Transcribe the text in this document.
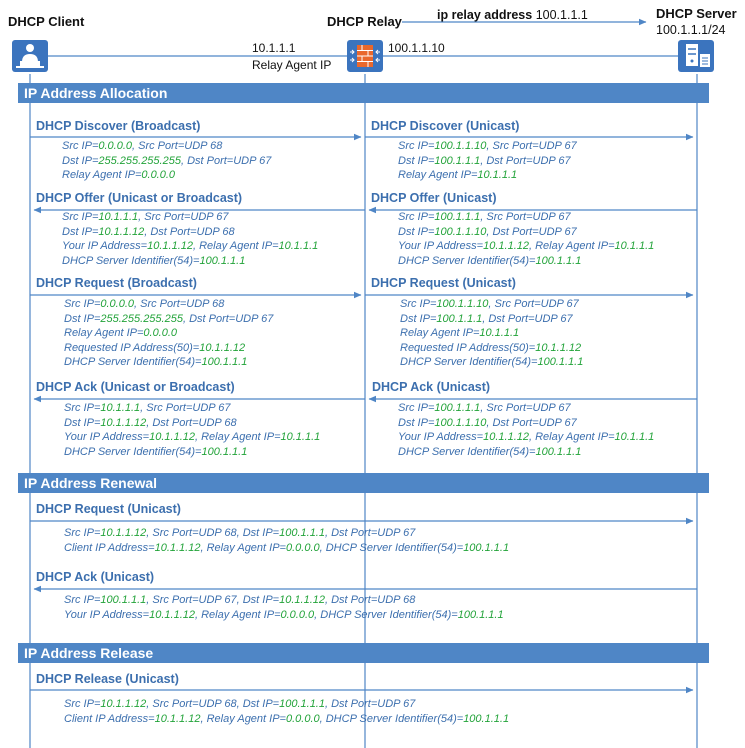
DHCP Client	DHCP Relay
DHCP Server
100.1.1.1/24
ip relay address 100.1.1.1
10.1.1.1
Relay Agent IP
100.1.1.10
IP Address Allocation
IP Address Renewal
IP Address Release
DHCP Discover (Broadcast)
Src IP=0.0.0.0, Src Port=UDP 68
Dst IP=255.255.255.255, Dst Port=UDP 67
Relay Agent IP=0.0.0.0
DHCP Discover (Unicast)
Src IP=100.1.1.10, Src Port=UDP 67
Dst IP=100.1.1.1, Dst Port=UDP 67
Relay Agent IP=10.1.1.1
DHCP Offer (Unicast or Broadcast)
Src IP=10.1.1.1, Src Port=UDP 67
Dst IP=10.1.1.12, Dst Port=UDP 68
Your IP Address=10.1.1.12, Relay Agent IP=10.1.1.1
DHCP Server Identifier(54)=100.1.1.1
DHCP Offer (Unicast)
Src IP=100.1.1.1, Src Port=UDP 67
Dst IP=100.1.1.10, Dst Port=UDP 67
Your IP Address=10.1.1.12, Relay Agent IP=10.1.1.1
DHCP Server Identifier(54)=100.1.1.1
DHCP Request (Broadcast)
Src IP=0.0.0.0, Src Port=UDP 68
Dst IP=255.255.255.255, Dst Port=UDP 67
Relay Agent IP=0.0.0.0
Requested IP Address(50)=10.1.1.12
DHCP Server Identifier(54)=100.1.1.1
DHCP Request (Unicast)
Src IP=100.1.1.10, Src Port=UDP 67
Dst IP=100.1.1.1, Dst Port=UDP 67
Relay Agent IP=10.1.1.1
Requested IP Address(50)=10.1.1.12
DHCP Server Identifier(54)=100.1.1.1
DHCP Ack (Unicast or Broadcast)
Src IP=10.1.1.1, Src Port=UDP 67
Dst IP=10.1.1.12, Dst Port=UDP 68
Your IP Address=10.1.1.12, Relay Agent IP=10.1.1.1
DHCP Server Identifier(54)=100.1.1.1
DHCP Ack (Unicast)
Src IP=100.1.1.1, Src Port=UDP 67
Dst IP=100.1.1.10, Dst Port=UDP 67
Your IP Address=10.1.1.12, Relay Agent IP=10.1.1.1
DHCP Server Identifier(54)=100.1.1.1
DHCP Request (Unicast)
Src IP=10.1.1.12, Src Port=UDP 68, Dst IP=100.1.1.1, Dst Port=UDP 67
Client IP Address=10.1.1.12, Relay Agent IP=0.0.0.0, DHCP Server Identifier(54)=100.1.1.1
DHCP Ack (Unicast)
Src IP=100.1.1.1, Src Port=UDP 67, Dst IP=10.1.1.12, Dst Port=UDP 68
Your IP Address=10.1.1.12, Relay Agent IP=0.0.0.0, DHCP Server Identifier(54)=100.1.1.1
DHCP Release (Unicast)
Src IP=10.1.1.12, Src Port=UDP 68, Dst IP=100.1.1.1, Dst Port=UDP 67
Client IP Address=10.1.1.12, Relay Agent IP=0.0.0.0, DHCP Server Identifier(54)=100.1.1.1
